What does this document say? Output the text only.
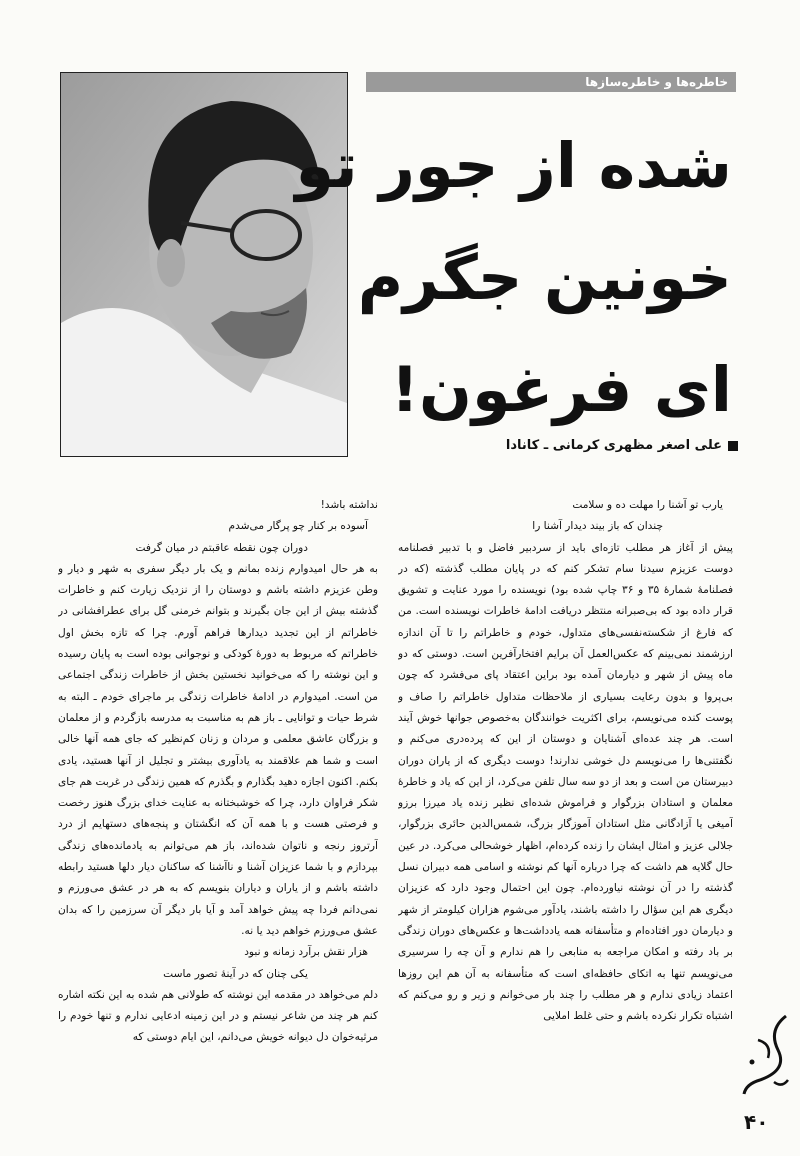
خاطره‌ها و خاطره‌سازها
شده از جور تو
خونین جگرم
ای فرغون!
علی اصغر مظهری کرمانی ـ کانادا
یارب تو آشنا را مهلت ده و سلامت
چندان که باز بیند دیدار آشنا را

پیش از آغاز هر مطلب تازه‌ای باید از سردبیر فاضل و با تدبیر فصلنامه دوست عزیزم سیدنا سام تشکر کنم که در پایان مطلب گذشته (که در فصلنامهٔ شمارهٔ ۳۵ و ۳۶ چاپ شده بود) نویسنده را مورد عنایت و تشویق قرار داده بود که بی‌صبرانه منتظر دریافت ادامهٔ خاطرات نویسنده است. من که فارغ از شکسته‌نفسی‌های متداول، خودم و خاطراتم را تا آن اندازه ارزشمند نمی‌بینم که عکس‌العمل آن برایم افتخارآفرین است. دوستی که دو ماه پیش از شهر و دیارمان آمده بود براین اعتقاد پای می‌فشرد که چون بی‌پروا و بدون رعایت بسیاری از ملاحظات متداول خاطراتم را صاف و پوست کنده می‌نویسم، برای اکثریت خوانندگان به‌خصوص جوانها خوش آیند است. هر چند عده‌ای آشنایان و دوستان از این که پرده‌دری می‌کنم و نگفتنی‌ها را می‌نویسم دل خوشی ندارند! دوست دیگری که از یاران دوران دبیرستان من است و بعد از دو سه سال تلفن می‌کرد، از این که یاد و خاطرهٔ معلمان و استادان بزرگوار و فراموش شده‌ای نظیر زنده یاد میرزا برزو آمیغی یا آزادگانی مثل استادان آموزگار بزرگ، شمس‌الدین حائری بزرگوار، جلالی عزیز و امثال ایشان را زنده کرده‌ام، اظهار خوشحالی می‌کرد. در عین حال گلایه هم داشت که چرا درباره آنها کم نوشته و اسامی همه دبیران نسل گذشته را در آن نوشته نیاورده‌ام. چون این احتمال وجود دارد که عزیزان دیگری هم این سؤال را داشته باشند، یادآور می‌شوم هزاران کیلومتر از شهر و دیارمان دور افتاده‌ام و متأسفانه همه یادداشت‌ها و عکس‌های دوران زندگی بر باد رفته و امکان مراجعه به منابعی را هم ندارم و آن چه را سرسیری می‌نویسم تنها به اتکای حافظه‌ای است که متأسفانه به آن هم این روزها اعتماد زیادی ندارم و هر مطلب را چند بار می‌خوانم و زیر و رو می‌کنم که اشتباه تکرار نکرده باشم و حتی غلط املایی

نداشته باشد!

آسوده بر کنار چو پرگار می‌شدم
دوران چون نقطه عاقبتم در میان گرفت

به هر حال امیدوارم زنده بمانم و یک بار دیگر سفری به شهر و دیار و وطن عزیزم داشته باشم و دوستان را از نزدیک زیارت کنم و خاطرات گذشته بیش از این جان بگیرند و بتوانم خرمنی گل برای عطرافشانی در خاطراتم از این تجدید دیدارها فراهم آورم. چرا که تازه بخش اول خاطراتم که مربوط به دورهٔ کودکی و نوجوانی بوده است به پایان رسیده و این نوشته را که می‌خوانید نخستین بخش از خاطرات زندگی اجتماعی من است. امیدوارم در ادامهٔ خاطرات زندگی بر ماجرای خودم ـ البته به شرط حیات و توانایی ـ باز هم به مناسبت به مدرسه بازگردم و از معلمان و بزرگان عاشق معلمی و مردان و زنان کم‌نظیر که جای همه آنها خالی است و شما هم علاقمند به یادآوری بیشتر و تجلیل از آنها هستید، یادی بکنم. اکنون اجازه دهید بگذارم و بگذرم که همین زندگی در غربت هم جای شکر فراوان دارد، چرا که خوشبختانه به عنایت خدای بزرگ هنوز رخصت و فرصتی هست و با همه آن که انگشتان و پنجه‌های دستهایم از درد آرتروز رنجه و ناتوان شده‌اند، باز هم می‌توانم به یادمانده‌های زندگی بپردازم و با شما عزیزان آشنا و ناآشنا که ساکنان دیار دلها هستید رابطه داشته باشم و از یاران و دیاران بنویسم که به هر در عشق می‌ورزم و نمی‌دانم فردا چه پیش خواهد آمد و آیا بار دیگر آن سرزمین را که بدان عشق می‌ورزم خواهم دید یا نه.

هزار نقش برآرد زمانه و نبود
یکی چنان که در آینهٔ تصور ماست

دلم می‌خواهد در مقدمه این نوشته که طولانی هم شده به این نکته اشاره کنم هر چند من شاعر نیستم و در این زمینه ادعایی ندارم و تنها خودم را مرثیه‌خوان دل دیوانه خویش می‌دانم، این ایام دوستی که

۴۰
